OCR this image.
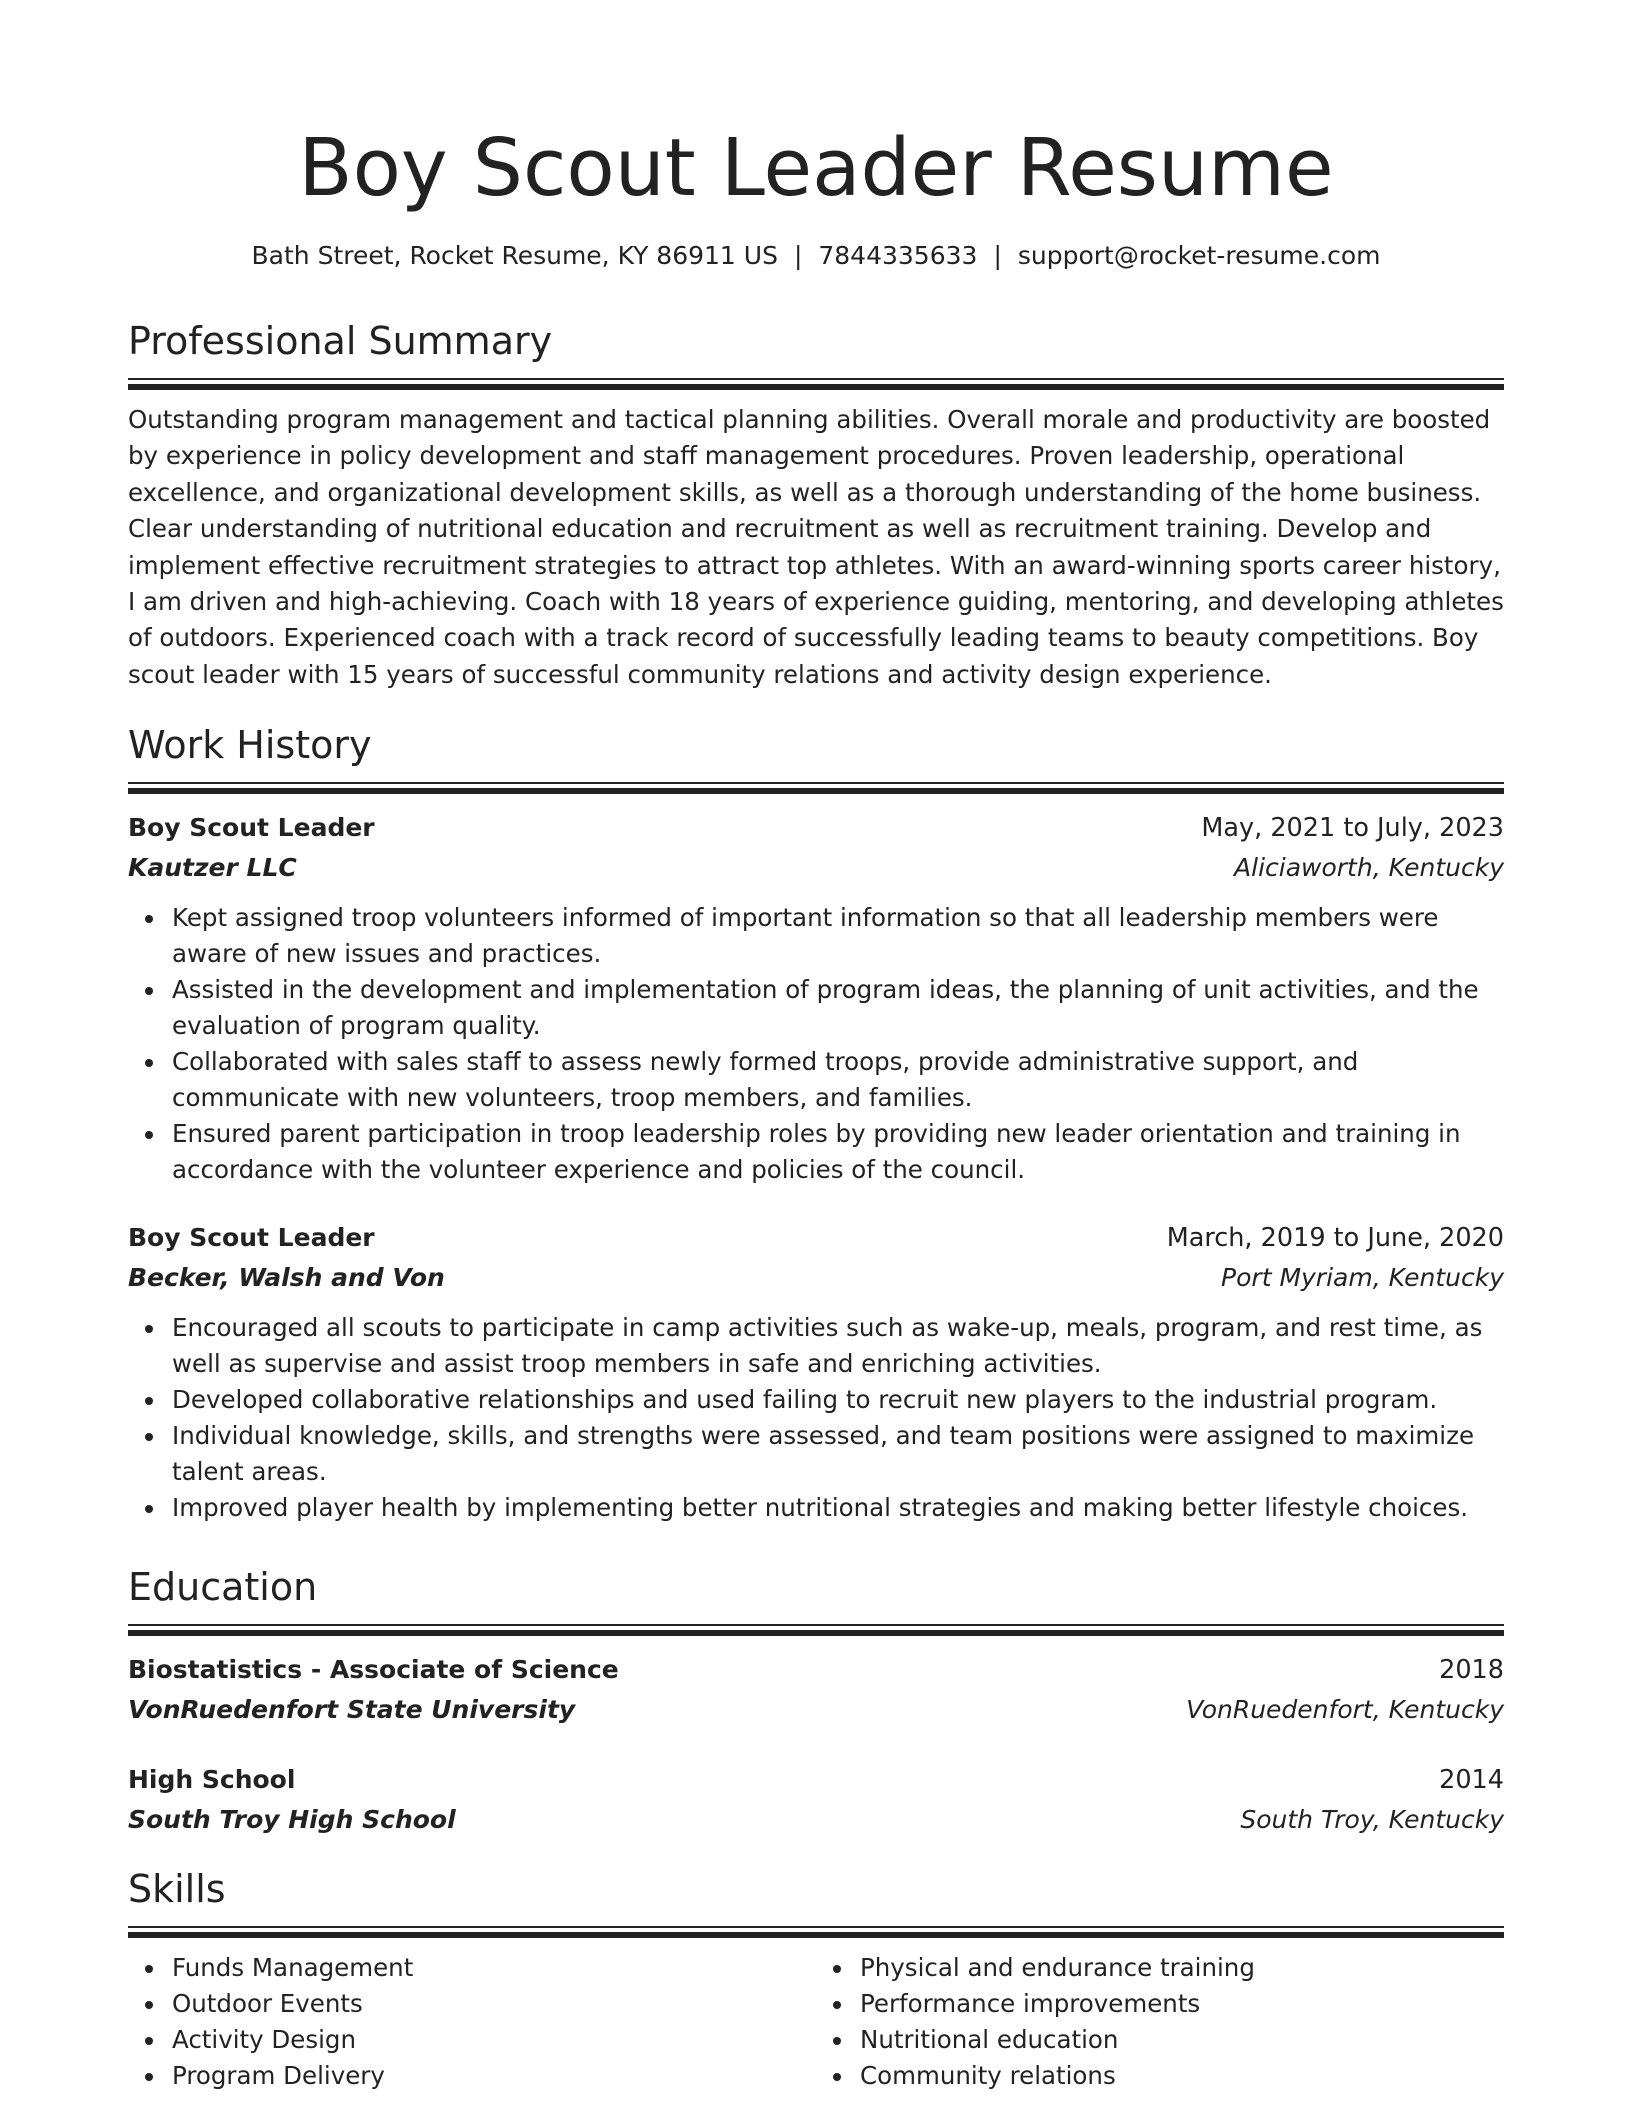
Boy Scout Leader Resume
Bath Street, Rocket Resume, KY 86911 US | 7844335633 | support@rocket-resume.com
Professional Summary

Outstanding program management and tactical planning abilities. Overall morale and productivity are boosted by experience in policy development and staff management procedures. Proven leadership, operational excellence, and organizational development skills, as well as a thorough understanding of the home business. Clear understanding of nutritional education and recruitment as well as recruitment training. Develop and implement effective recruitment strategies to attract top athletes. With an award-winning sports career history, I am driven and high-achieving. Coach with 18 years of experience guiding, mentoring, and developing athletes of outdoors. Experienced coach with a track record of successfully leading teams to beauty competitions. Boy scout leader with 15 years of successful community relations and activity design experience.

Work History
Boy Scout Leader	May, 2021 to July, 2023
Kautzer LLC	Aliciaworth, Kentucky
Kept assigned troop volunteers informed of important information so that all leadership members were aware of new issues and practices.
Assisted in the development and implementation of program ideas, the planning of unit activities, and the evaluation of program quality.
Collaborated with sales staff to assess newly formed troops, provide administrative support, and communicate with new volunteers, troop members, and families.
Ensured parent participation in troop leadership roles by providing new leader orientation and training in accordance with the volunteer experience and policies of the council.
Boy Scout Leader	March, 2019 to June, 2020
Becker, Walsh and Von	Port Myriam, Kentucky
Encouraged all scouts to participate in camp activities such as wake-up, meals, program, and rest time, as well as supervise and assist troop members in safe and enriching activities.
Developed collaborative relationships and used failing to recruit new players to the industrial program.
Individual knowledge, skills, and strengths were assessed, and team positions were assigned to maximize talent areas.
Improved player health by implementing better nutritional strategies and making better lifestyle choices.
Education
Biostatistics - Associate of Science	2018
VonRuedenfort State University	VonRuedenfort, Kentucky
High School	2014
South Troy High School	South Troy, Kentucky
Skills
Funds Management
Outdoor Events
Activity Design
Program Delivery
Physical and endurance training
Performance improvements
Nutritional education
Community relations
